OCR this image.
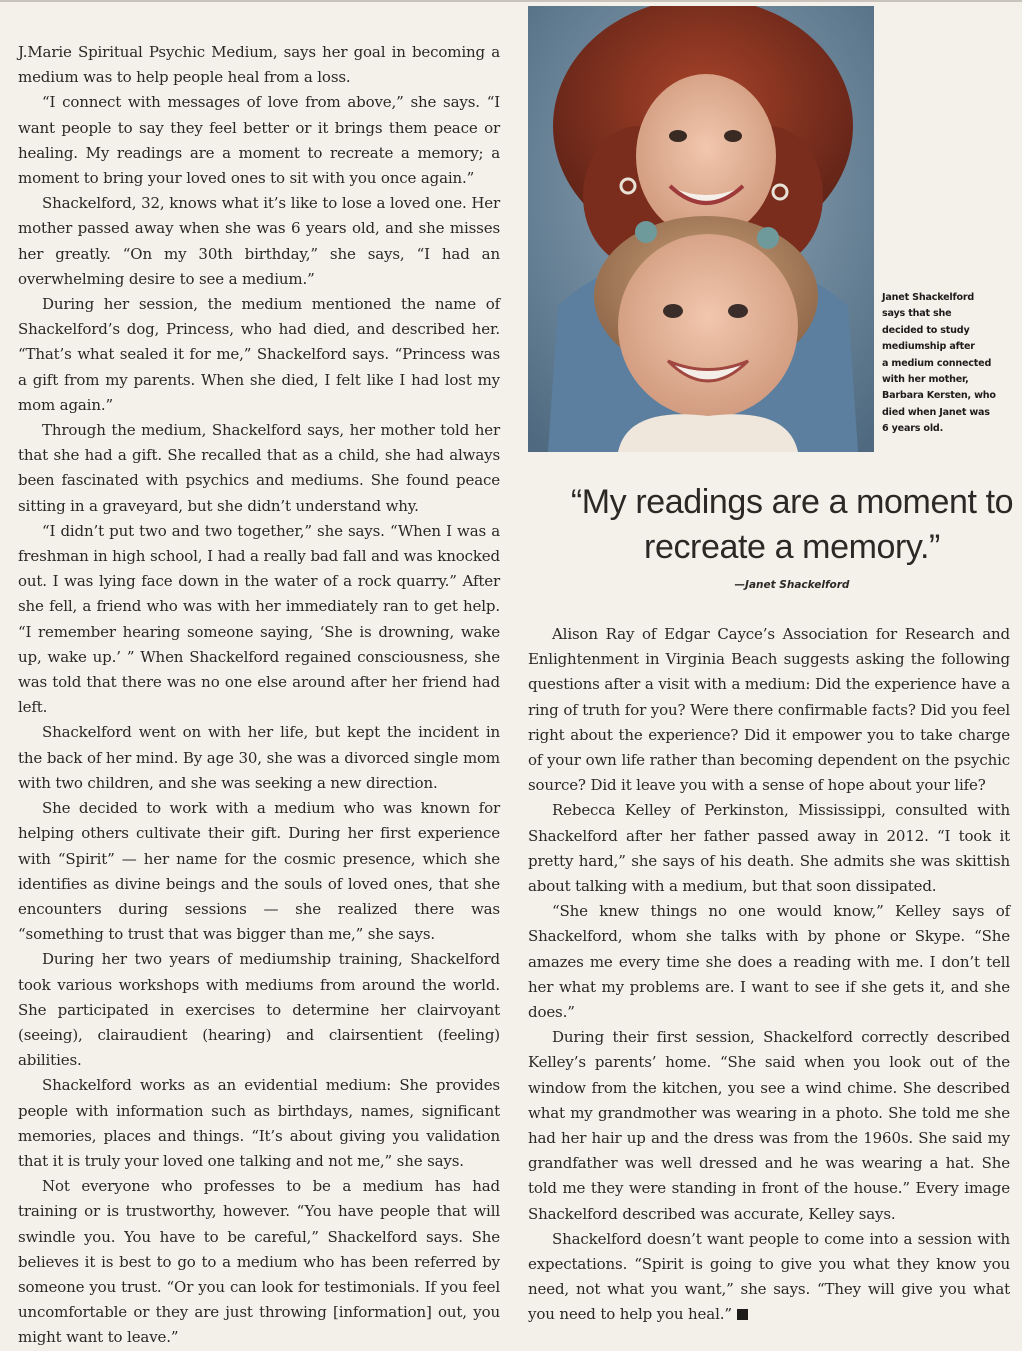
J.Marie Spiritual Psychic Medium, says her goal in becoming a medium was to help people heal from a loss.

“I connect with messages of love from above,” she says. “I want people to say they feel better or it brings them peace or healing. My readings are a moment to recreate a memory; a moment to bring your loved ones to sit with you once again.”

Shackelford, 32, knows what it’s like to lose a loved one. Her mother passed away when she was 6 years old, and she misses her greatly. “On my 30th birthday,” she says, “I had an overwhelming desire to see a medium.”

During her session, the medium mentioned the name of Shackelford’s dog, Princess, who had died, and described her. “That’s what sealed it for me,” Shackelford says. “Princess was a gift from my parents. When she died, I felt like I had lost my mom again.”

Through the medium, Shackelford says, her mother told her that she had a gift. She recalled that as a child, she had always been fascinated with psychics and mediums. She found peace sitting in a graveyard, but she didn’t understand why.

“I didn’t put two and two together,” she says. “When I was a freshman in high school, I had a really bad fall and was knocked out. I was lying face down in the water of a rock quarry.” After she fell, a friend who was with her immediately ran to get help. “I remember hearing someone saying, ‘She is drowning, wake up, wake up.’ ” When Shackelford regained consciousness, she was told that there was no one else around after her friend had left.

Shackelford went on with her life, but kept the incident in the back of her mind. By age 30, she was a divorced single mom with two children, and she was seeking a new direction.

She decided to work with a medium who was known for helping others cultivate their gift. During her first experience with “Spirit” — her name for the cosmic presence, which she identifies as divine beings and the souls of loved ones, that she encounters during sessions — she realized there was “something to trust that was bigger than me,” she says.

During her two years of mediumship training, Shackelford took various workshops with mediums from around the world. She participated in exercises to determine her clairvoyant (seeing), clairaudient (hearing) and clairsentient (feeling) abilities.

Shackelford works as an evidential medium: She provides people with information such as birthdays, names, significant memories, places and things. “It’s about giving you validation that it is truly your loved one talking and not me,” she says.

Not everyone who professes to be a medium has had training or is trustworthy, however. “You have people that will swindle you. You have to be careful,” Shackelford says. She believes it is best to go to a medium who has been referred by someone you trust. “Or you can look for testimonials. If you feel uncomfortable or they are just throwing [information] out, you might want to leave.”

Janet Shackelford
says that she
decided to study
mediumship after
a medium connected
with her mother,
Barbara Kersten, who
died when Janet was
6 years old.
“My readings are a moment to
recreate a memory.”
—Janet Shackelford

Alison Ray of Edgar Cayce’s Association for Research and Enlightenment in Virginia Beach suggests asking the following questions after a visit with a medium: Did the experience have a ring of truth for you? Were there confirmable facts? Did you feel right about the experience? Did it empower you to take charge of your own life rather than becoming dependent on the psychic source? Did it leave you with a sense of hope about your life?

Rebecca Kelley of Perkinston, Mississippi, consulted with Shackelford after her father passed away in 2012. “I took it pretty hard,” she says of his death. She admits she was skittish about talking with a medium, but that soon dissipated.

“She knew things no one would know,” Kelley says of Shackelford, whom she talks with by phone or Skype. “She amazes me every time she does a reading with me. I don’t tell her what my problems are. I want to see if she gets it, and she does.”

During their first session, Shackelford correctly described Kelley’s parents’ home. “She said when you look out of the window from the kitchen, you see a wind chime. She described what my grandmother was wearing in a photo. She told me she had her hair up and the dress was from the 1960s. She said my grandfather was well dressed and he was wearing a hat. She told me they were standing in front of the house.” Every image Shackelford described was accurate, Kelley says.

Shackelford doesn’t want people to come into a session with expectations. “Spirit is going to give you what they know you need, not what you want,” she says. “They will give you what you need to help you heal.”
